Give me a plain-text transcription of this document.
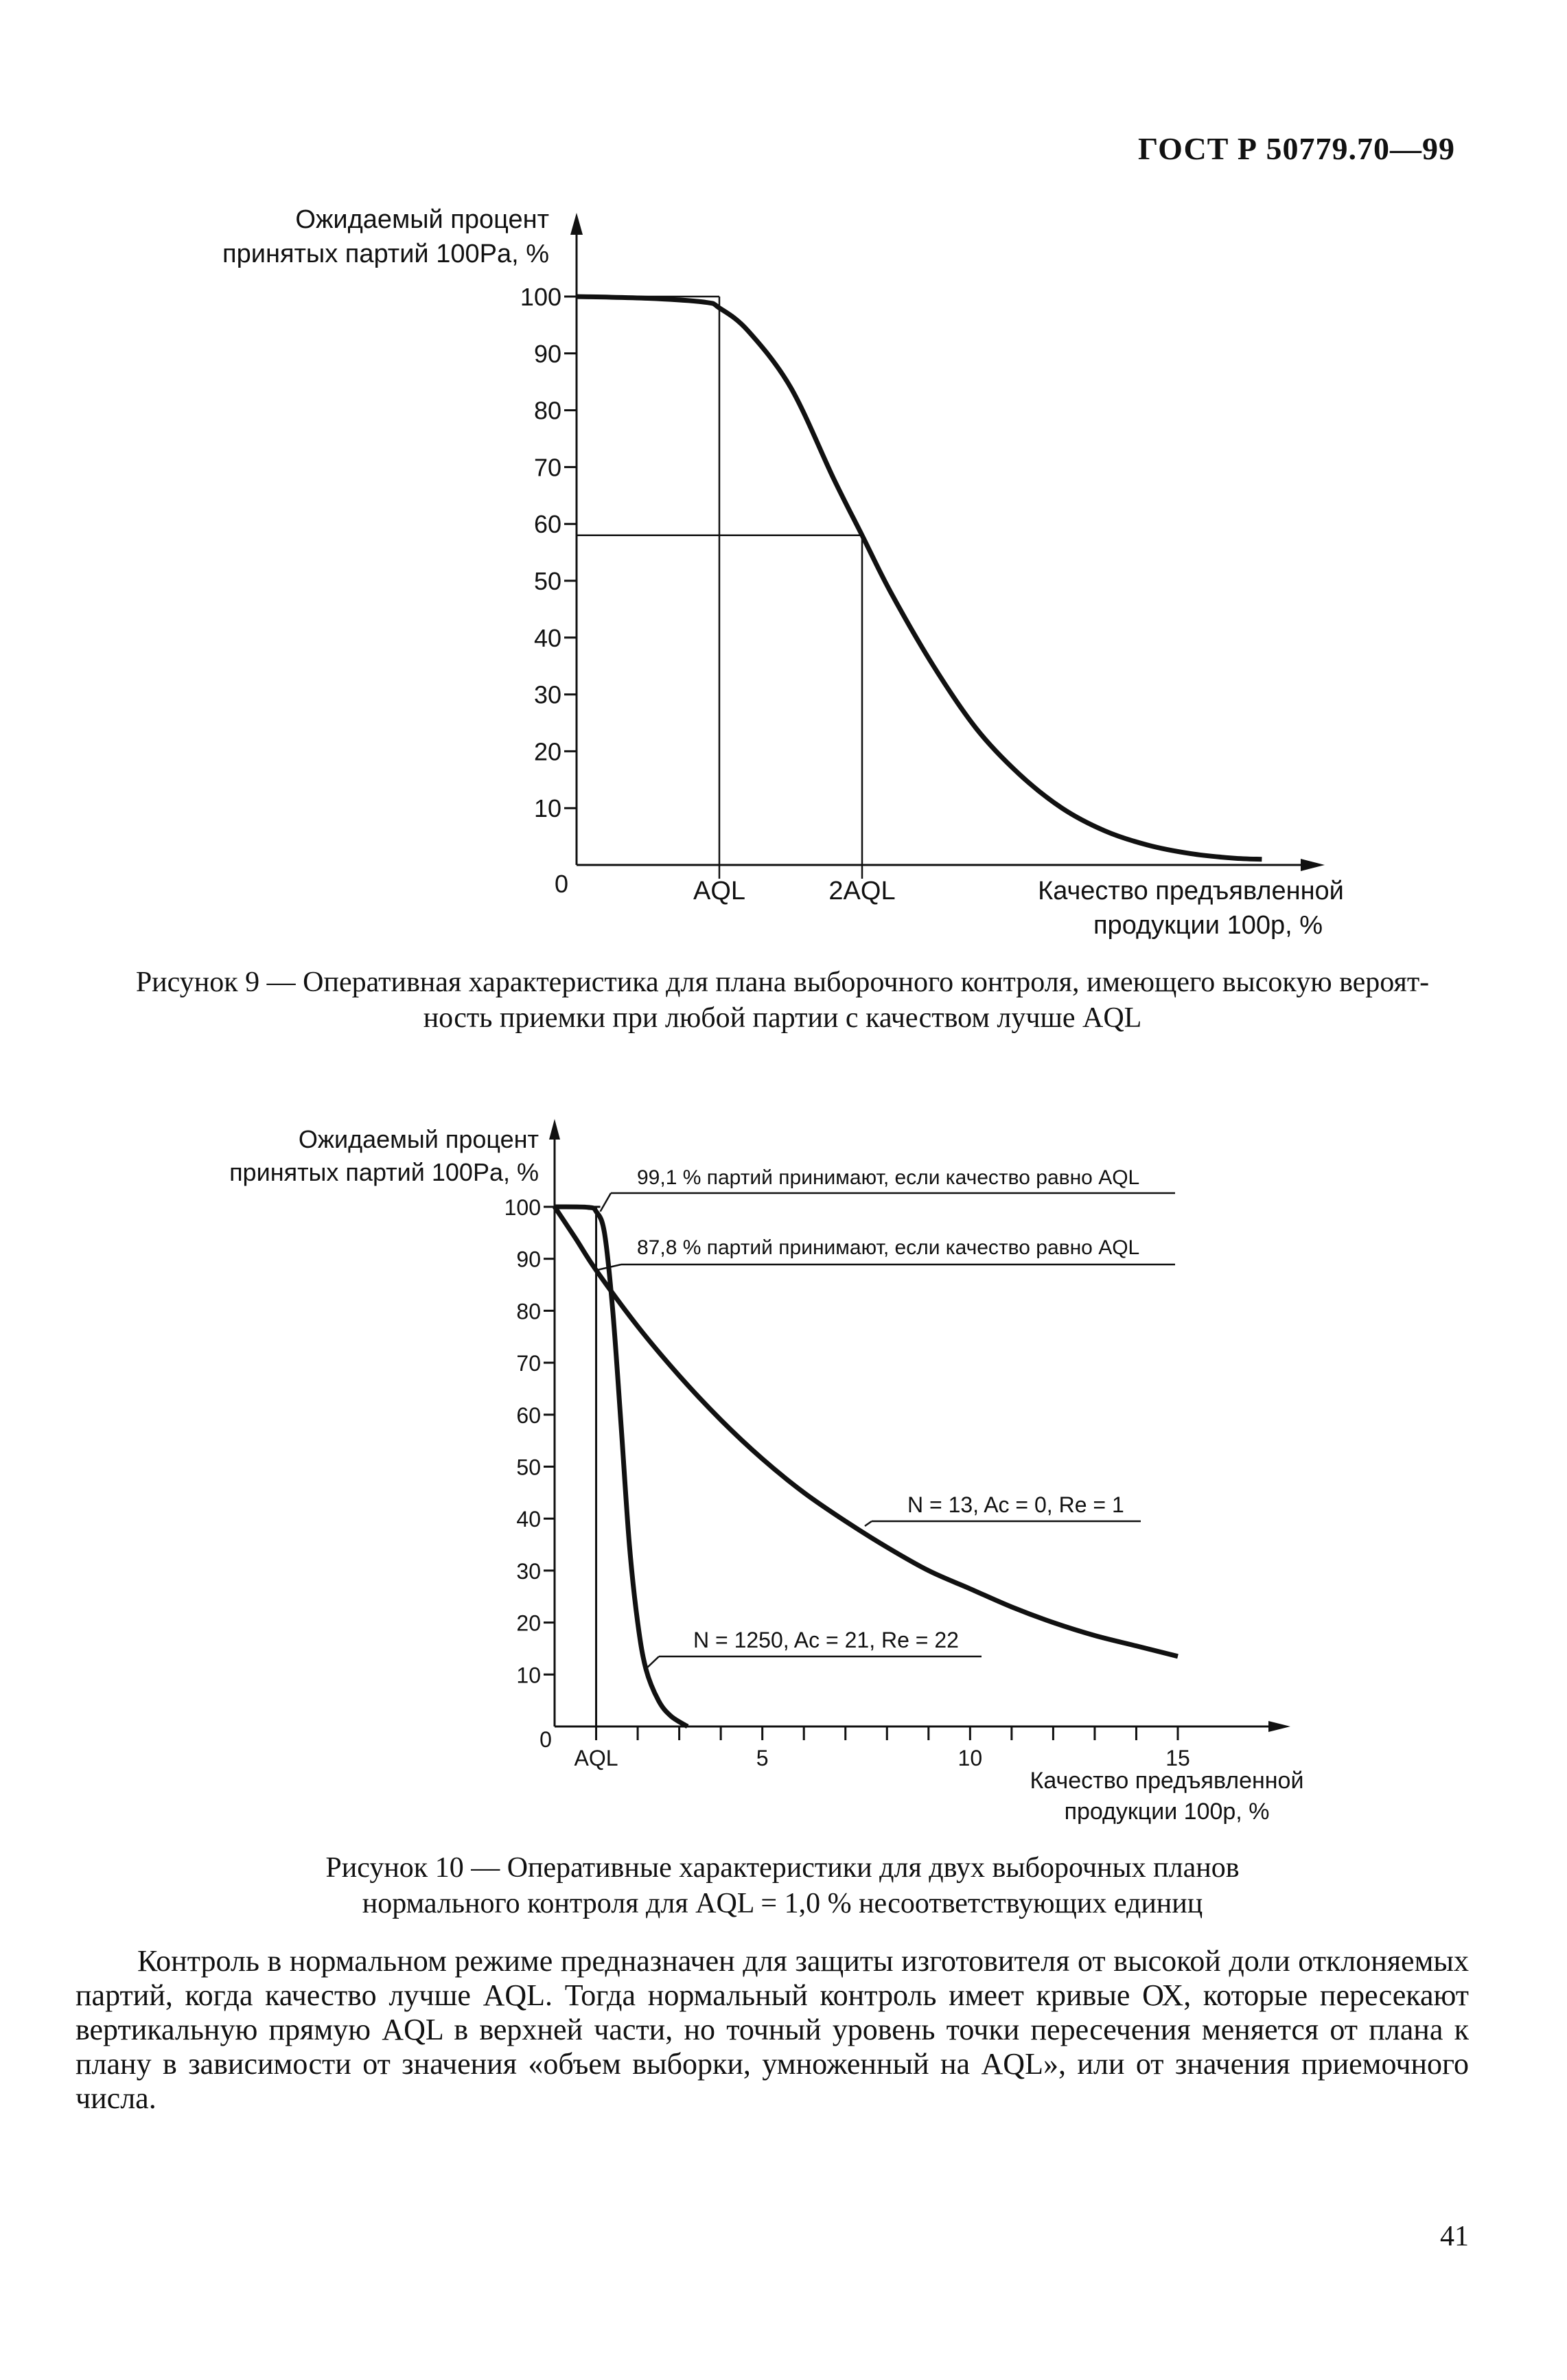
ГОСТ Р 50779.70—99
Ожидаемый процент
принятых партий 100Pa, %
100
90
80
70
60
50
40
30
20
10
0	AQL	2AQL	Качество предъявленной
продукции 100р, %
Рисунок 9 — Оперативная характеристика для плана выборочного контроля, имеющего высокую вероят-
ность приемки при любой партии с качеством лучше AQL
Ожидаемый процент
принятых партий 100Pa, %
100
90
80
70
60
50
40
30
20
10
99,1 % партий принимают, если качество равно AQL
87,8 % партий принимают, если качество равно AQL
N = 13, Ac = 0, Re = 1
N = 1250, Ac = 21, Re = 22
0
AQL	5	10	15
Качество предъявленной
продукции 100р, %
Рисунок 10 — Оперативные характеристики для двух выборочных планов
нормального контроля для AQL = 1,0 % несоответствующих единиц
Контроль в нормальном режиме предназначен для защиты изготовителя от высокой доли отклоняемых партий, когда качество лучше AQL. Тогда нормальный контроль имеет кривые ОХ, которые пересекают вертикальную прямую AQL в верхней части, но точный уровень точки пересечения меняется от плана к плану в зависимости от значения «объем выборки, умноженный на AQL», или от значения приемочного числа.
41
